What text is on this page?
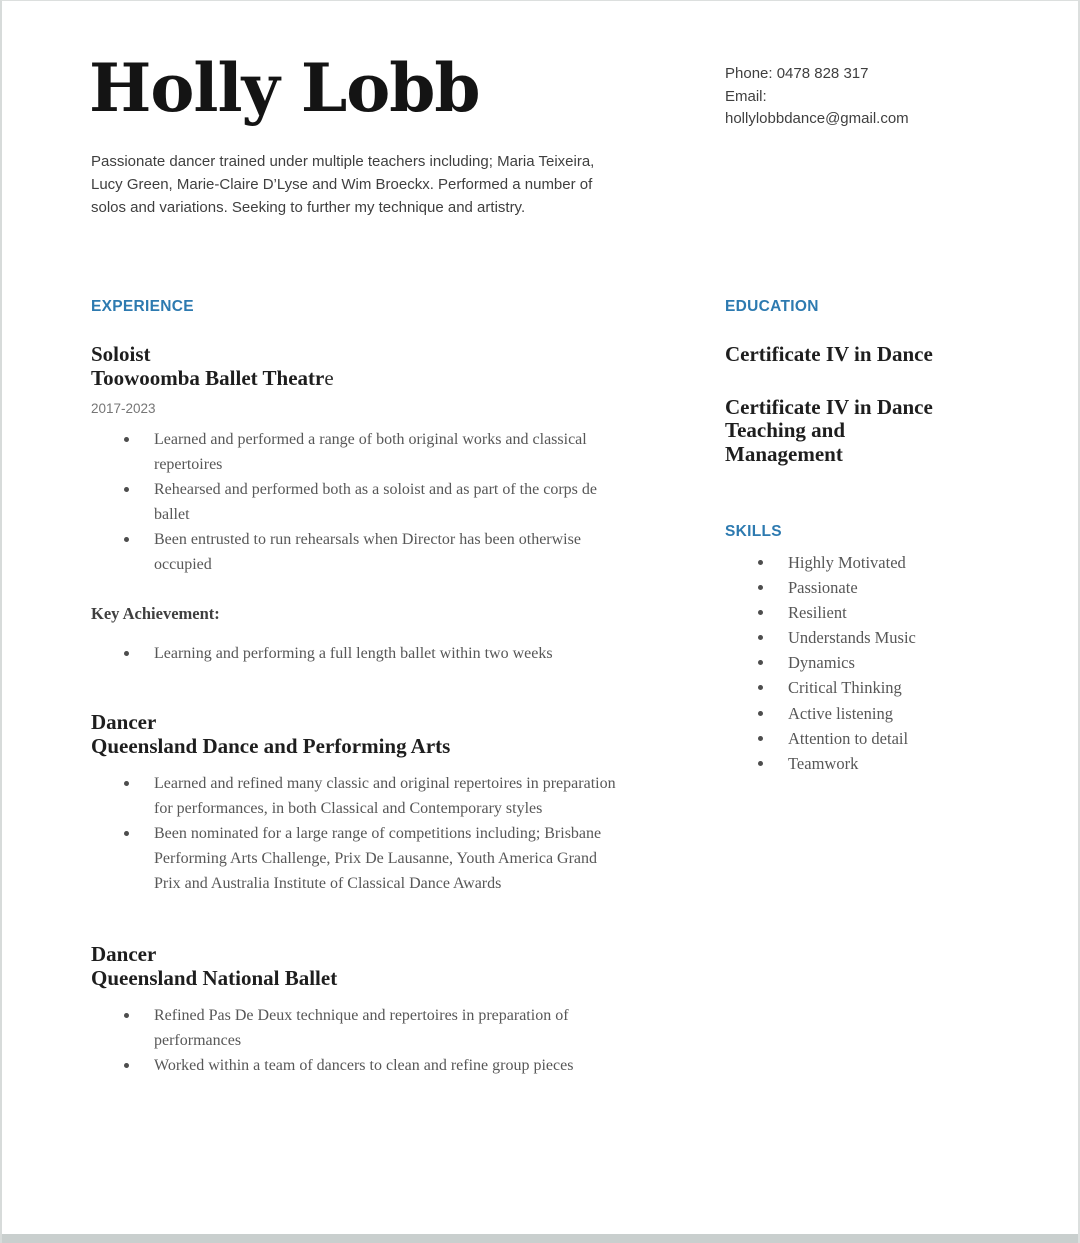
Holly Lobb	Phone: 0478 828 317
Email:
hollylobbdance@gmail.com
Passionate dancer trained under multiple teachers including; Maria Teixeira,
Lucy Green, Marie-Claire D’Lyse and Wim Broeckx. Performed a number of
solos and variations. Seeking to further my technique and artistry.
EXPERIENCE
Soloist
Toowoomba Ballet Theatre
2017-2023
Learned and performed a range of both original works and classical repertoires
Rehearsed and performed both as a soloist and as part of the corps de ballet
Been entrusted to run rehearsals when Director has been otherwise occupied
Key Achievement:
Learning and performing a full length ballet within two weeks
Dancer
Queensland Dance and Performing Arts
Learned and refined many classic and original repertoires in preparation for performances, in both Classical and Contemporary styles
Been nominated for a large range of competitions including; Brisbane Performing Arts Challenge, Prix De Lausanne, Youth America Grand Prix and Australia Institute of Classical Dance Awards
Dancer
Queensland National Ballet
Refined Pas De Deux technique and repertoires in preparation of performances
Worked within a team of dancers to clean and refine group pieces
EDUCATION
Certificate IV in Dance
Certificate IV in Dance Teaching and Management
SKILLS
Highly Motivated
Passionate
Resilient
Understands Music
Dynamics
Critical Thinking
Active listening
Attention to detail
Teamwork
